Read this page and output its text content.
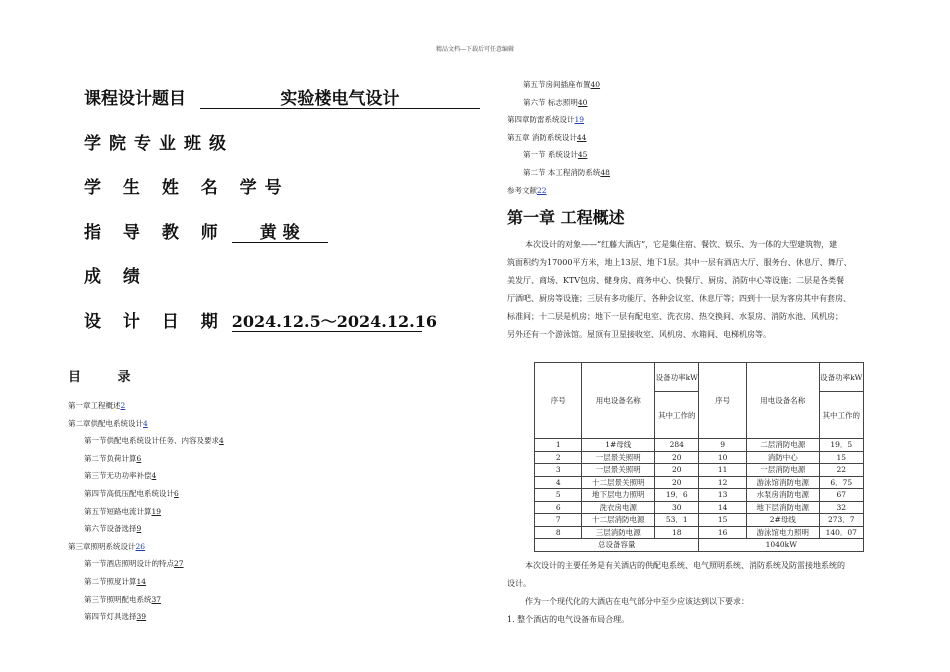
精品文档---下载后可任意编辑
课程设计题目	实验楼电气设计
学院专业班级
学 生 姓 名 学号
指 导 教 师 黄 骏
成 绩
设 计 日 期 2024.12.5～2024.12.16
目 录
第一章工程概述2
第二章供配电系统设计4
第一节供配电系统设计任务、内容及要求4
第二节负荷计算6
第三节无功功率补偿4
第四节高低压配电系统设计6
第五节短路电流计算19
第六节设备选择9
第三章照明系统设计26
第一节酒店照明设计的特点27
第二节照度计算14
第三节照明配电系统37
第四节灯具选择39
第五节房间插座布置40
第六节 标志照明40
第四章防雷系统设计19
第五章 消防系统设计44
第一节 系统设计45
第二节 本工程消防系统48
参考文献22
第一章 工程概述
本次设计的对象——“红藤大酒店”，它是集住宿、餐饮、娱乐、为一体的大型建筑物，建
筑面积约为17000平方米，地上13层、地下1层。其中一层有酒店大厅、服务台、休息厅、舞厅、
美发厅、商场、KTV包房、健身房、商务中心、快餐厅、厨房、消防中心等设施；二层是各类餐
厅酒吧、厨房等设施；三层有多功能厅、各种会议室、休息厅等；四到十一层为客房其中有套房、
标准间；十二层是机房；地下一层有配电室、洗衣房、热交换间、水泵房、消防水池、风机房；
另外还有一个游泳馆。屋顶有卫星接收室、风机房、水箱间、电梯机房等。
序号	用电设备名称	设备功率kW	序号	用电设备名称	设备功率kW
		其中工作的			其中工作的
1	1#母线	284	9	二层消防电源	19．5
2	一层景关照明	20	10	消防中心	15
3	一层景关照明	20	11	一层消防电源	22
4	十二层景关照明	20	12	游泳馆消防电源	6．75
5	地下层电力照明	19．6	13	水泵房消防电源	67
6	洗衣房电源	30	14	地下层消防电源	32
7	十二层消防电源	53．1	15	2#母线	273．7
8	三层消防电源	18	16	游泳馆电力照明	140．07
总设备容量			1040kW		
本次设计的主要任务是有关酒店的供配电系统、电气照明系统、消防系统及防雷接地系统的
设计。
作为一个现代化的大酒店在电气部分中至少应该达到以下要求：
1. 整个酒店的电气设备布局合理。
